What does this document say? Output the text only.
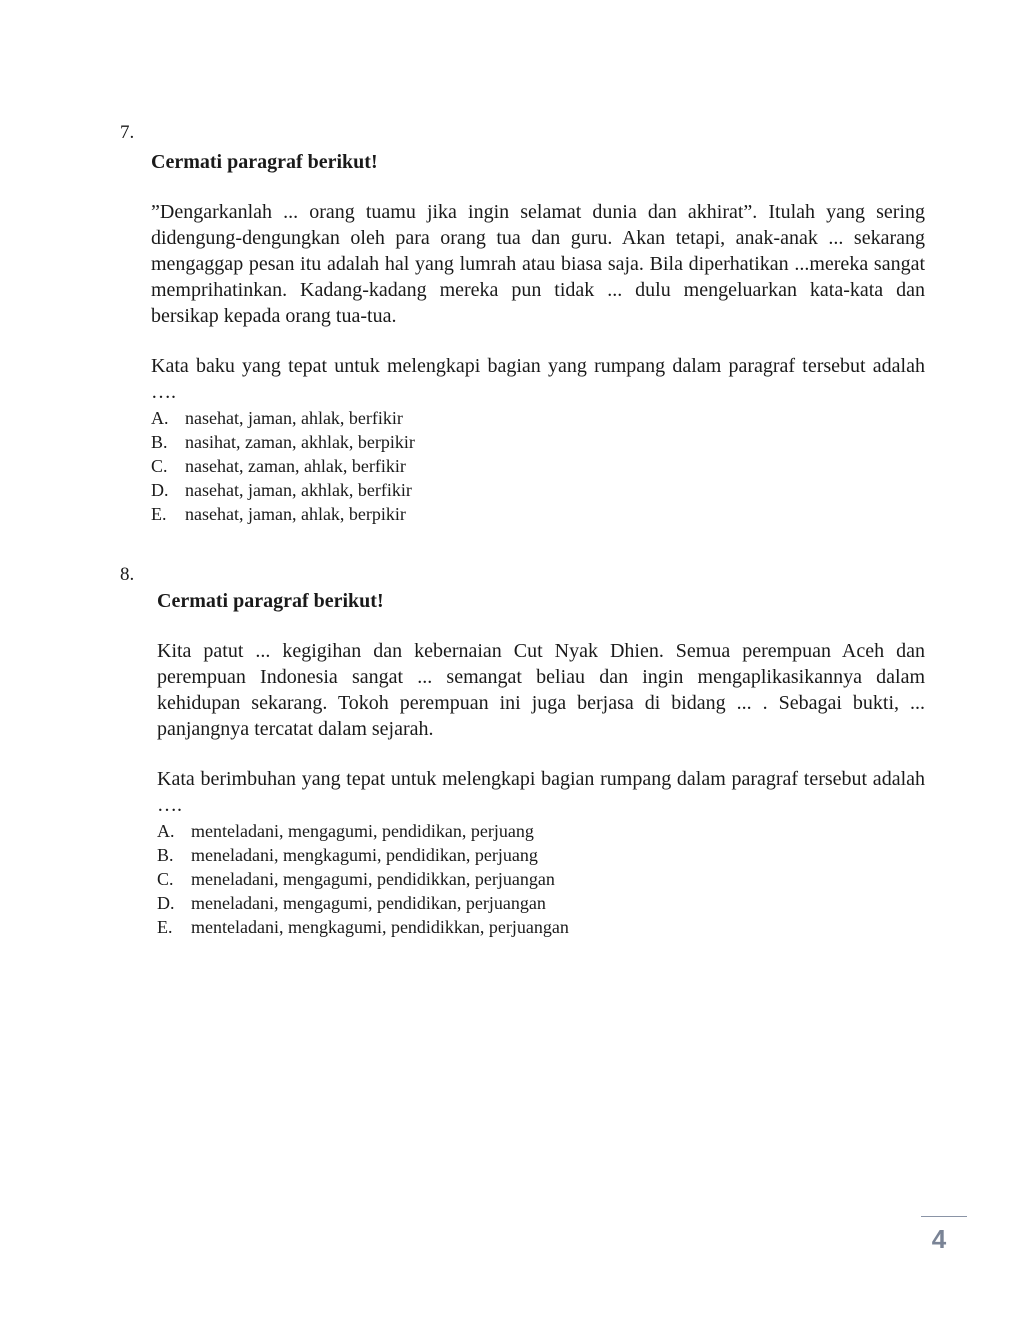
7.

Cermati paragraf berikut!

”Dengarkanlah ... orang tuamu jika ingin selamat dunia dan akhirat”. Itulah yang sering didengung-dengungkan oleh para orang tua dan guru. Akan tetapi, anak-anak ... sekarang mengaggap pesan itu adalah hal yang lumrah atau biasa saja. Bila diperhatikan ...mereka sangat memprihatinkan. Kadang-kadang mereka pun tidak ... dulu mengeluarkan kata-kata dan bersikap kepada orang tua-tua.

Kata baku yang tepat untuk melengkapi bagian yang rumpang dalam paragraf tersebut adalah ….

A. nasehat, jaman, ahlak, berfikir
B. nasihat, zaman, akhlak, berpikir
C. nasehat, zaman, ahlak, berfikir
D. nasehat, jaman, akhlak, berfikir
E.	nasehat, jaman, ahlak, berpikir
8.

Cermati paragraf berikut!

Kita patut ... kegigihan dan kebernaian Cut Nyak Dhien. Semua perempuan Aceh dan perempuan Indonesia sangat ... semangat beliau dan ingin mengaplikasikannya dalam kehidupan sekarang. Tokoh perempuan ini juga berjasa di bidang ... . Sebagai bukti, ... panjangnya tercatat dalam sejarah.

Kata berimbuhan yang tepat untuk melengkapi bagian rumpang dalam paragraf tersebut adalah ….

A. menteladani, mengagumi, pendidikan, perjuang
B. meneladani, mengkagumi, pendidikan, perjuang
C. meneladani, mengagumi, pendidikkan, perjuangan
D. meneladani, mengagumi, pendidikan, perjuangan
E.	menteladani, mengkagumi, pendidikkan, perjuangan
4
